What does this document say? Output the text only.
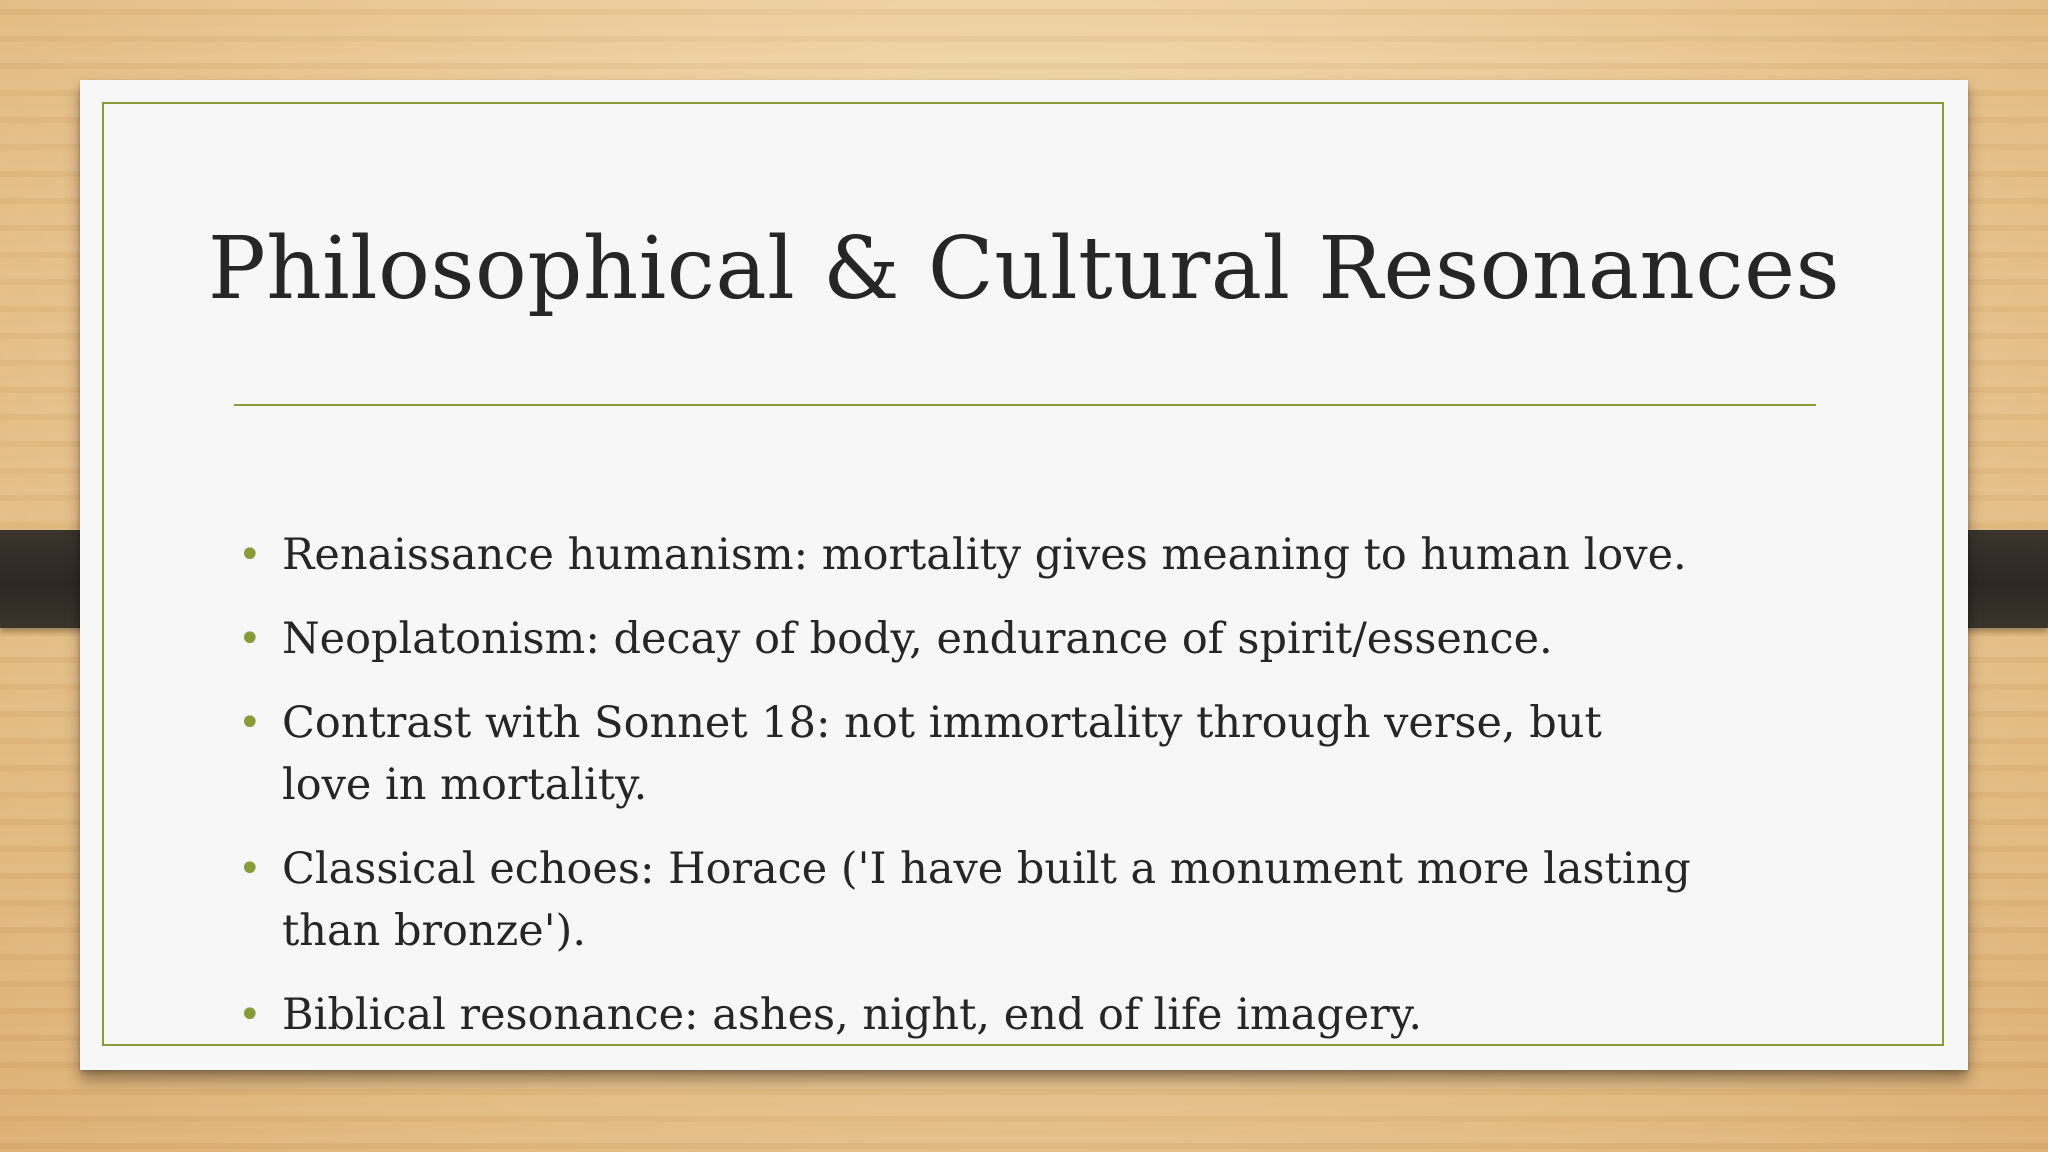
Philosophical & Cultural Resonances
• Renaissance humanism: mortality gives meaning to human love.
• Neoplatonism: decay of body, endurance of spirit/essence.
• Contrast with Sonnet 18: not immortality through verse, but love in mortality.
• Classical echoes: Horace ('I have built a monument more lasting than bronze').
• Biblical resonance: ashes, night, end of life imagery.
